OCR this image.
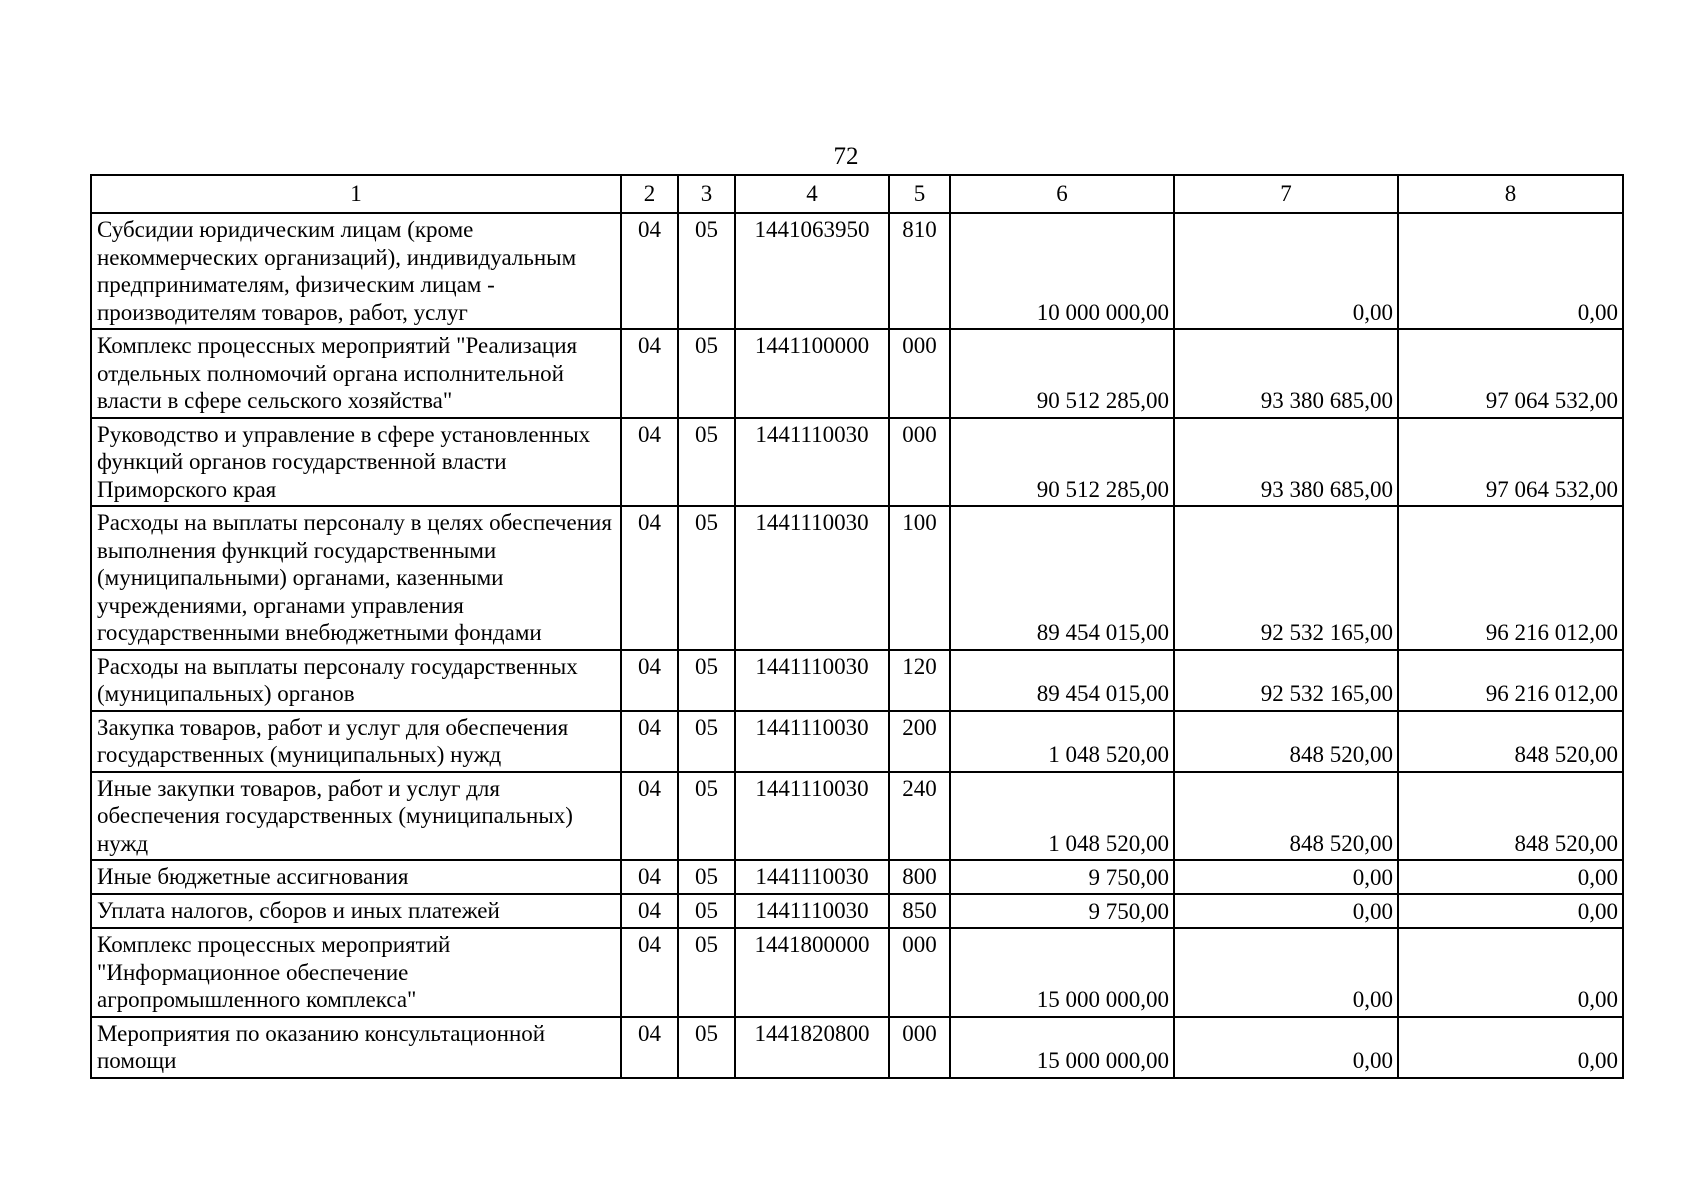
72
1	2	3	4	5	6	7	8
Субсидии юридическим лицам (кроме некоммерческих организаций), индивидуальным предпринимателям, физическим лицам - производителям товаров, работ, услуг	04	05	1441063950	810	10 000 000,00	0,00	0,00
Комплекс процессных мероприятий "Реализация отдельных полномочий органа исполнительной власти в сфере сельского хозяйства"	04	05	1441100000	000	90 512 285,00	93 380 685,00	97 064 532,00
Руководство и управление в сфере установленных функций органов государственной власти Приморского края	04	05	1441110030	000	90 512 285,00	93 380 685,00	97 064 532,00
Расходы на выплаты персоналу в целях обеспечения выполнения функций государственными (муниципальными) органами, казенными учреждениями, органами управления государственными внебюджетными фондами	04	05	1441110030	100	89 454 015,00	92 532 165,00	96 216 012,00
Расходы на выплаты персоналу государственных (муниципальных) органов	04	05	1441110030	120	89 454 015,00	92 532 165,00	96 216 012,00
Закупка товаров, работ и услуг для обеспечения государственных (муниципальных) нужд	04	05	1441110030	200	1 048 520,00	848 520,00	848 520,00
Иные закупки товаров, работ и услуг для обеспечения государственных (муниципальных) нужд	04	05	1441110030	240	1 048 520,00	848 520,00	848 520,00
Иные бюджетные ассигнования	04	05	1441110030	800	9 750,00	0,00	0,00
Уплата налогов, сборов и иных платежей	04	05	1441110030	850	9 750,00	0,00	0,00
Комплекс процессных мероприятий "Информационное обеспечение агропромышленного комплекса"	04	05	1441800000	000	15 000 000,00	0,00	0,00
Мероприятия по оказанию консультационной помощи	04	05	1441820800	000	15 000 000,00	0,00	0,00
